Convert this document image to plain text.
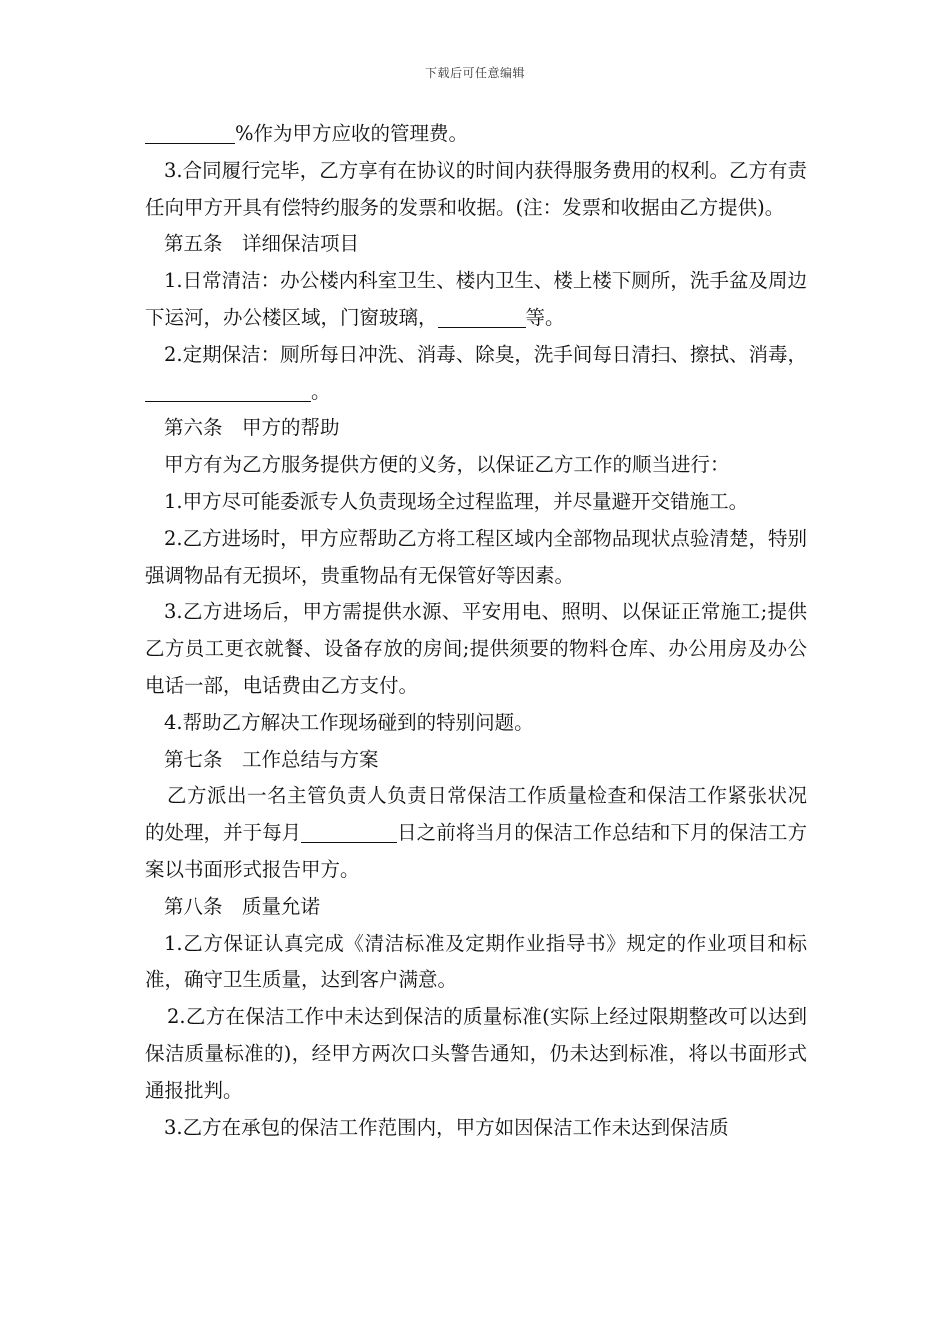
下载后可任意编辑

%作为甲方应收的管理费。

3.合同履行完毕，乙方享有在协议的时间内获得服务费用的权利。乙方有责任向甲方开具有偿特约服务的发票和收据。(注：发票和收据由乙方提供)。

第五条　详细保洁项目

1.日常清洁：办公楼内科室卫生、楼内卫生、楼上楼下厕所，洗手盆及周边下运河，办公楼区域，门窗玻璃，	等。

2.定期保洁：厕所每日冲洗、消毒、除臭，洗手间每日清扫、擦拭、消毒，。

第六条　甲方的帮助

甲方有为乙方服务提供方便的义务，以保证乙方工作的顺当进行：

1.甲方尽可能委派专人负责现场全过程监理，并尽量避开交错施工。

2.乙方进场时，甲方应帮助乙方将工程区域内全部物品现状点验清楚，特别强调物品有无损坏，贵重物品有无保管好等因素。

3.乙方进场后，甲方需提供水源、平安用电、照明、以保证正常施工;提供乙方员工更衣就餐、设备存放的房间;提供须要的物料仓库、办公用房及办公电话一部，电话费由乙方支付。

4.帮助乙方解决工作现场碰到的特别问题。

第七条　工作总结与方案

乙方派出一名主管负责人负责日常保洁工作质量检查和保洁工作紧张状况的处理，并于每月	日之前将当月的保洁工作总结和下月的保洁工方案以书面形式报告甲方。

第八条　质量允诺

1.乙方保证认真完成《清洁标准及定期作业指导书》规定的作业项目和标准，确守卫生质量，达到客户满意。

2.乙方在保洁工作中未达到保洁的质量标准(实际上经过限期整改可以达到保洁质量标准的)，经甲方两次口头警告通知，仍未达到标准，将以书面形式通报批判。

3.乙方在承包的保洁工作范围内，甲方如因保洁工作未达到保洁质
